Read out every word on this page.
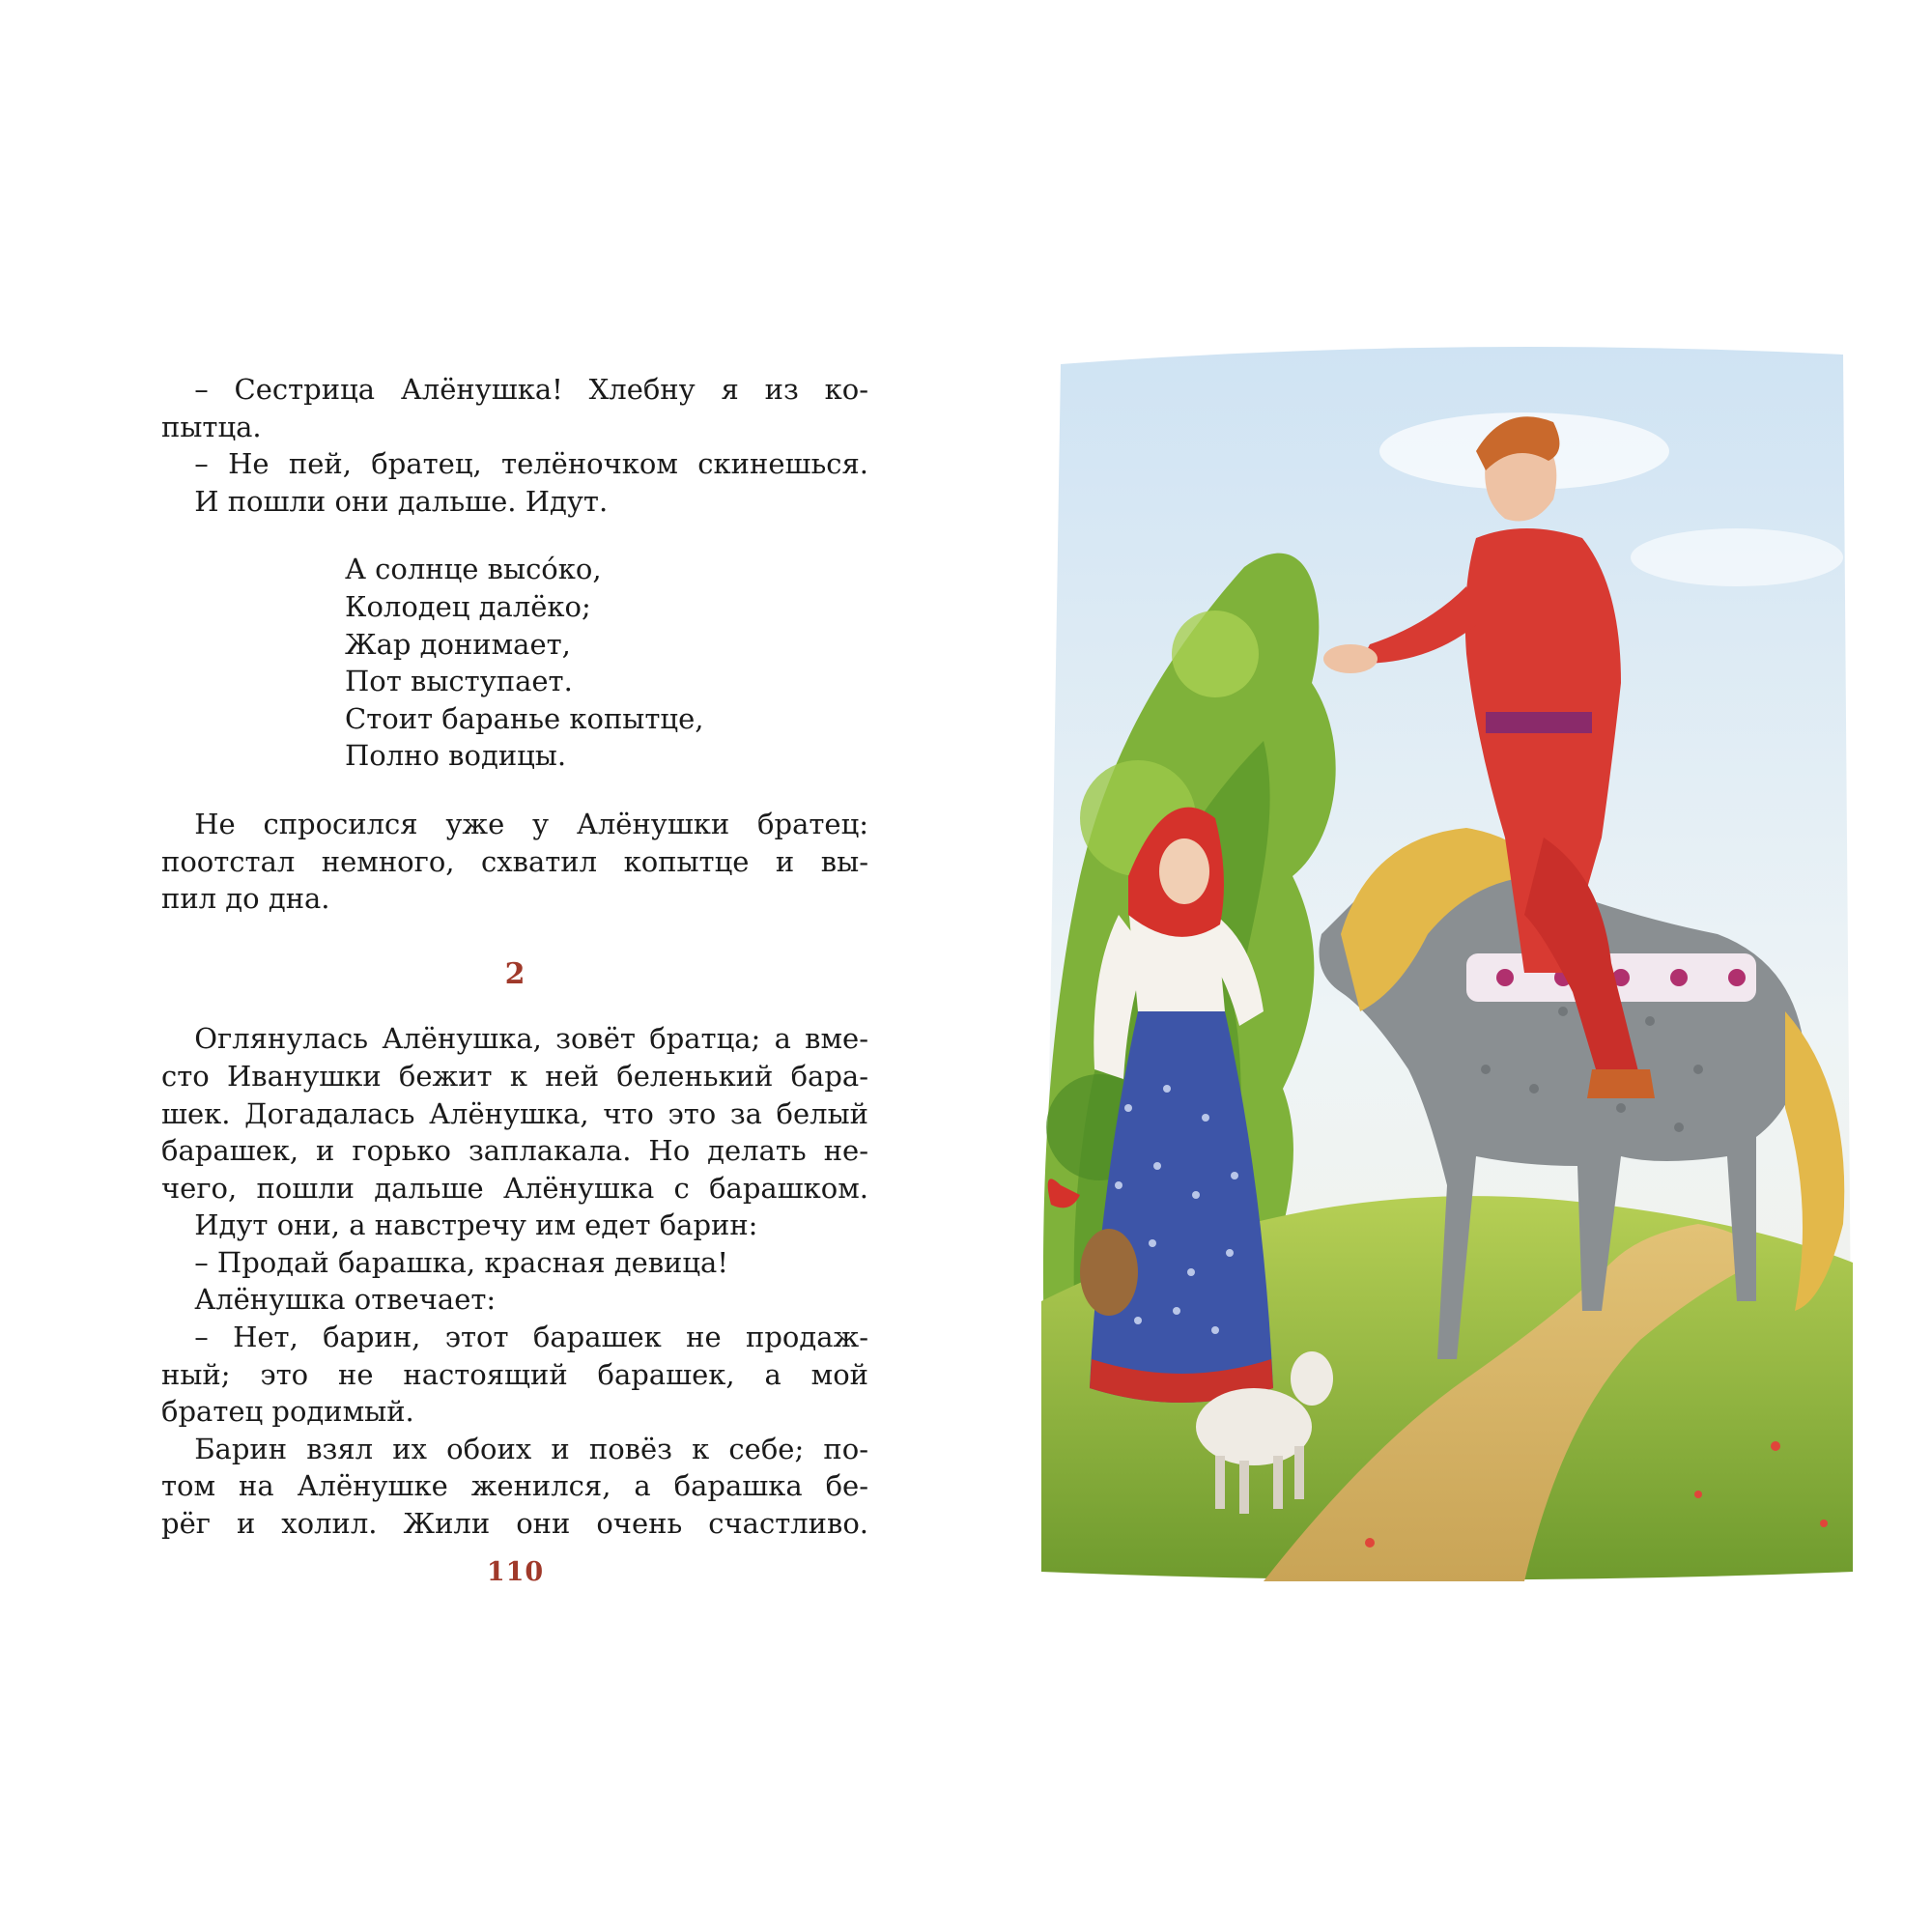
– Сестрица Алёнушка! Хлебну я из ко-
пытца.
– Не пей, братец, телёночком скинешься.
И пошли они дальше. Идут.
А солнце высо́ко,
Колодец далёко;
Жар донимает,
Пот выступает.
Стоит баранье копытце,
Полно водицы.
Не спросился уже у Алёнушки братец:
поотстал немного, схватил копытце и вы-
пил до дна.
2
Оглянулась Алёнушка, зовёт братца; а вме-
сто Иванушки бежит к ней беленький бара-
шек. Догадалась Алёнушка, что это за белый
барашек, и горько заплакала. Но делать не-
чего, пошли дальше Алёнушка с барашком.
Идут они, а навстречу им едет барин:
– Продай барашка, красная девица!
Алёнушка отвечает:
– Нет, барин, этот барашек не продаж-
ный; это не настоящий барашек, а мой
братец родимый.
Барин взял их обоих и повёз к себе; по-
том на Алёнушке женился, а барашка бе-
рёг и холил. Жили они очень счастливо.
110
